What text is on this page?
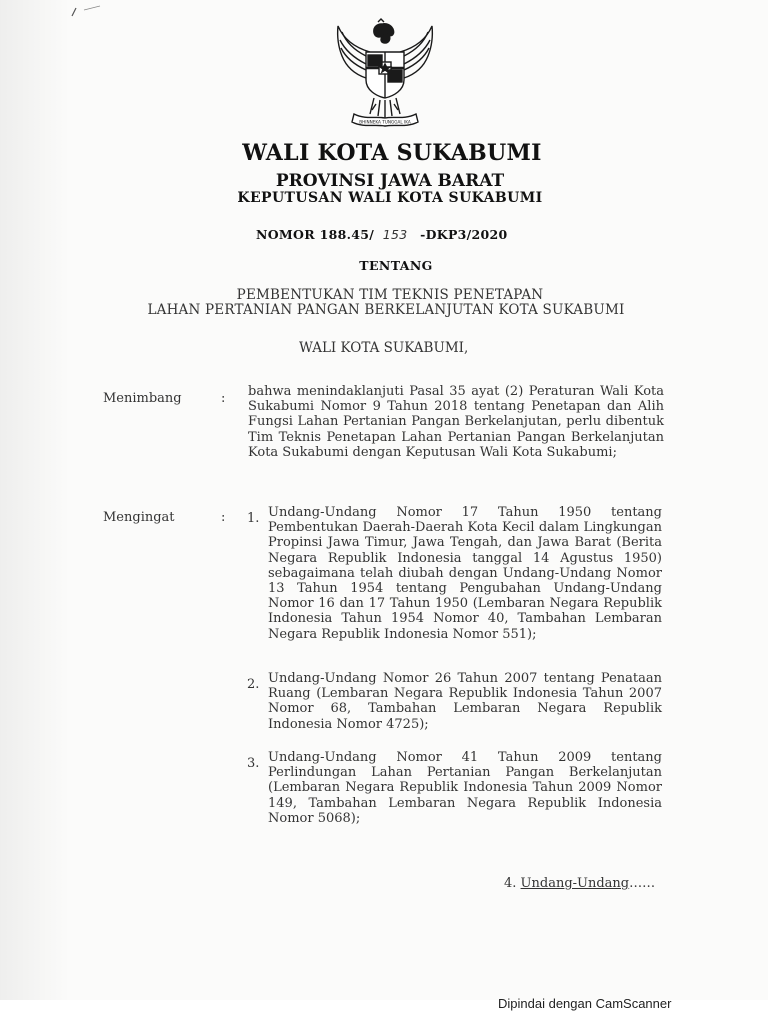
BHINNEKA TUNGGAL IKA
WALI KOTA SUKABUMI
PROVINSI JAWA BARAT
KEPUTUSAN WALI KOTA SUKABUMI
NOMOR 188.45/ 153 -DKP3/2020
TENTANG
PEMBENTUKAN TIM TEKNIS PENETAPAN
LAHAN PERTANIAN PANGAN BERKELANJUTAN KOTA SUKABUMI
WALI KOTA SUKABUMI,
Menimbang	: bahwa menindaklanjuti Pasal 35 ayat (2) Peraturan Wali Kota Sukabumi Nomor 9 Tahun 2018 tentang Penetapan dan Alih Fungsi Lahan Pertanian Pangan Berkelanjutan, perlu dibentuk Tim Teknis Penetapan Lahan Pertanian Pangan Berkelanjutan Kota Sukabumi dengan Keputusan Wali Kota Sukabumi;
Mengingat	: 1. Undang-Undang Nomor 17 Tahun 1950 tentang Pembentukan Daerah-Daerah Kota Kecil dalam Lingkungan Propinsi Jawa Timur, Jawa Tengah, dan Jawa Barat (Berita Negara Republik Indonesia tanggal 14 Agustus 1950) sebagaimana telah diubah dengan Undang-Undang Nomor 13 Tahun 1954 tentang Pengubahan Undang-Undang Nomor 16 dan 17 Tahun 1950 (Lembaran Negara Republik Indonesia Tahun 1954 Nomor 40, Tambahan Lembaran Negara Republik Indonesia Nomor 551);
2. Undang-Undang Nomor 26 Tahun 2007 tentang Penataan Ruang (Lembaran Negara Republik Indonesia Tahun 2007 Nomor 68, Tambahan Lembaran Negara Republik Indonesia Nomor 4725);
3. Undang-Undang Nomor 41 Tahun 2009 tentang Perlindungan Lahan Pertanian Pangan Berkelanjutan (Lembaran Negara Republik Indonesia Tahun 2009 Nomor 149, Tambahan Lembaran Negara Republik Indonesia Nomor 5068);
4. Undang-Undang……
Dipindai dengan CamScanner
